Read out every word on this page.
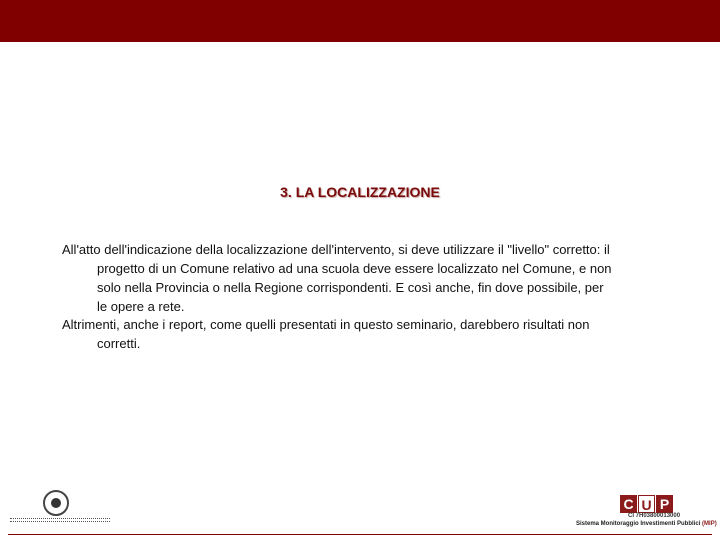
3. LA LOCALIZZAZIONE
All'atto dell'indicazione della localizzazione dell'intervento, si deve utilizzare il "livello" corretto: il
progetto di un Comune relativo ad una scuola deve essere localizzato nel Comune, e non
solo nella Provincia o nella Regione corrispondenti. E così anche, fin dove possibile, per
le opere a rete.
Altrimenti, anche i report, come quelli presentati in questo seminario, darebbero risultati non
corretti.
C U P
CI 7H03800013000
Sistema Monitoraggio Investimenti Pubblici (MIP)
